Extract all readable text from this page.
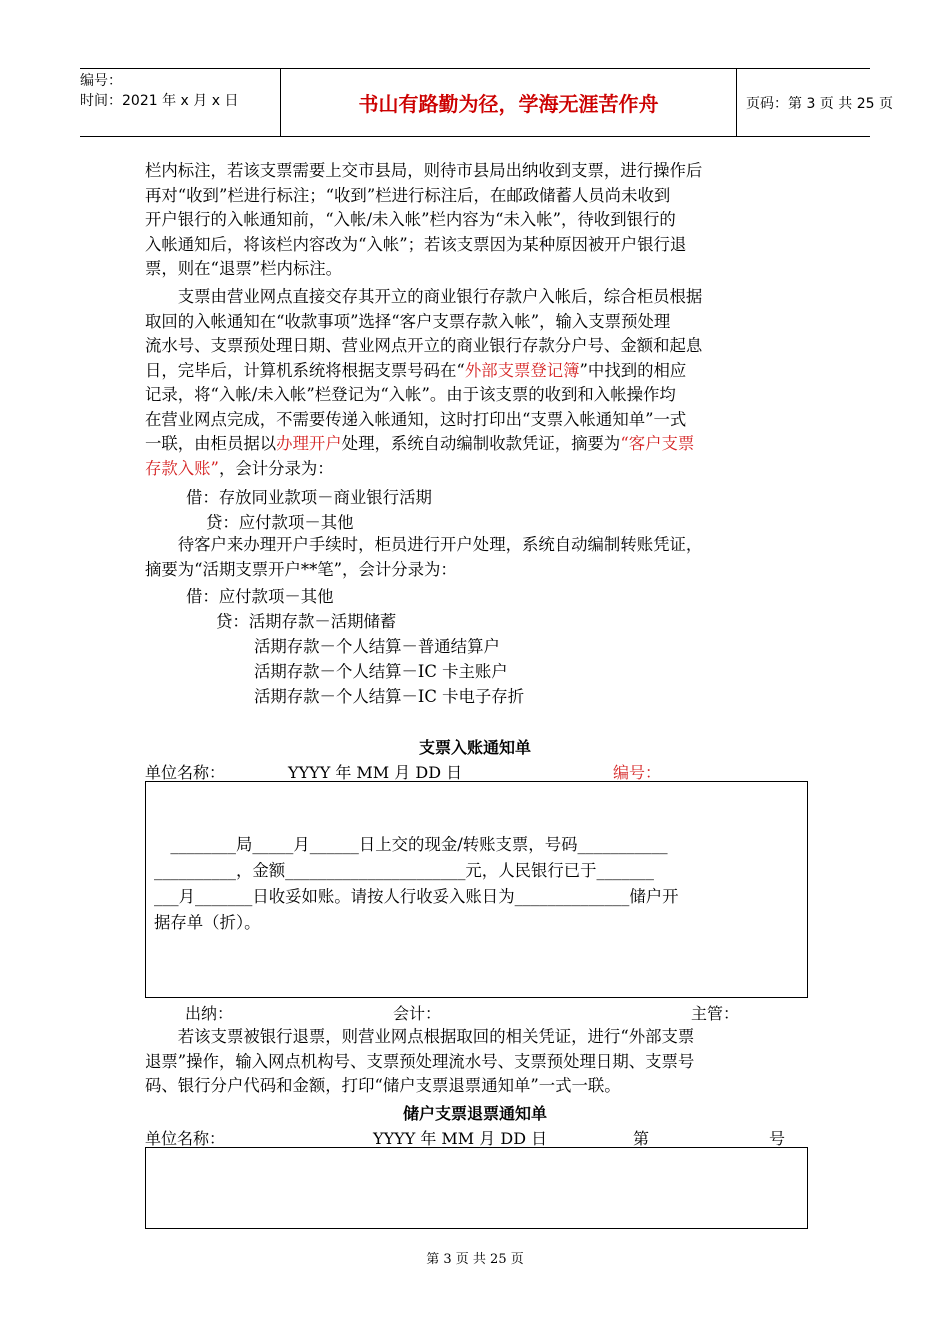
编号：
时间：2021 年 x 月 x 日	书山有路勤为径，学海无涯苦作舟	页码：第 3 页 共 25 页
栏内标注，若该支票需要上交市县局，则待市县局出纳收到支票，进行操作后
再对“收到”栏进行标注；“收到”栏进行标注后，在邮政储蓄人员尚未收到
开户银行的入帐通知前，“入帐/未入帐”栏内容为“未入帐”，待收到银行的
入帐通知后，将该栏内容改为“入帐”；若该支票因为某种原因被开户银行退
票，则在“退票”栏内标注。
　　支票由营业网点直接交存其开立的商业银行存款户入帐后，综合柜员根据
取回的入帐通知在“收款事项”选择“客户支票存款入帐”，输入支票预处理
流水号、支票预处理日期、营业网点开立的商业银行存款分户号、金额和起息
日，完毕后，计算机系统将根据支票号码在“外部支票登记簿”中找到的相应
记录，将“入帐/未入帐”栏登记为“入帐”。由于该支票的收到和入帐操作均
在营业网点完成，不需要传递入帐通知，这时打印出“支票入帐通知单”一式
一联，由柜员据以办理开户处理，系统自动编制收款凭证，摘要为“客户支票
存款入账”，会计分录为：
借：存放同业款项－商业银行活期
贷：应付款项－其他
　　待客户来办理开户手续时，柜员进行开户处理，系统自动编制转账凭证，
摘要为“活期支票开户**笔”，会计分录为：
借：应付款项－其他
贷：活期存款－活期储蓄
活期存款－个人结算－普通结算户
活期存款－个人结算－IC 卡主账户
活期存款－个人结算－IC 卡电子存折
支票入账通知单
单位名称：	YYYY 年 MM 月 DD 日	编号：
　________局_____月______日上交的现金/转账支票，号码___________
__________，金额______________________元，人民银行已于_______
___月_______日收妥如账。请按人行收妥入账日为______________储户开
据存单（折）。
出纳：	会计：	主管：
　　若该支票被银行退票，则营业网点根据取回的相关凭证，进行“外部支票
退票”操作，输入网点机构号、支票预处理流水号、支票预处理日期、支票号
码、银行分户代码和金额，打印“储户支票退票通知单”一式一联。
储户支票退票通知单
单位名称：	YYYY 年 MM 月 DD 日	第	号
第 3 页 共 25 页
